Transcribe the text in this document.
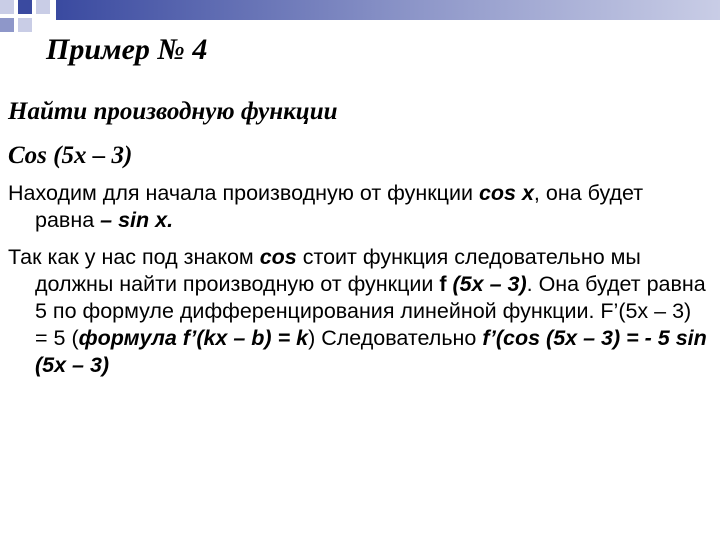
Пример № 4
Найти производную функции
Cos (5x – 3)

Находим для начала производную от функции cos x, она будет равна – sin x.

Так как у нас под знаком cos стоит функция следовательно мы должны найти производную от функции f (5x – 3). Она будет равна 5 по формуле дифференцирования линейной функции. F’(5x – 3) = 5 (формула f’(kx – b) = k) Следовательно f’(cos (5x – 3) = - 5 sin (5x – 3)
